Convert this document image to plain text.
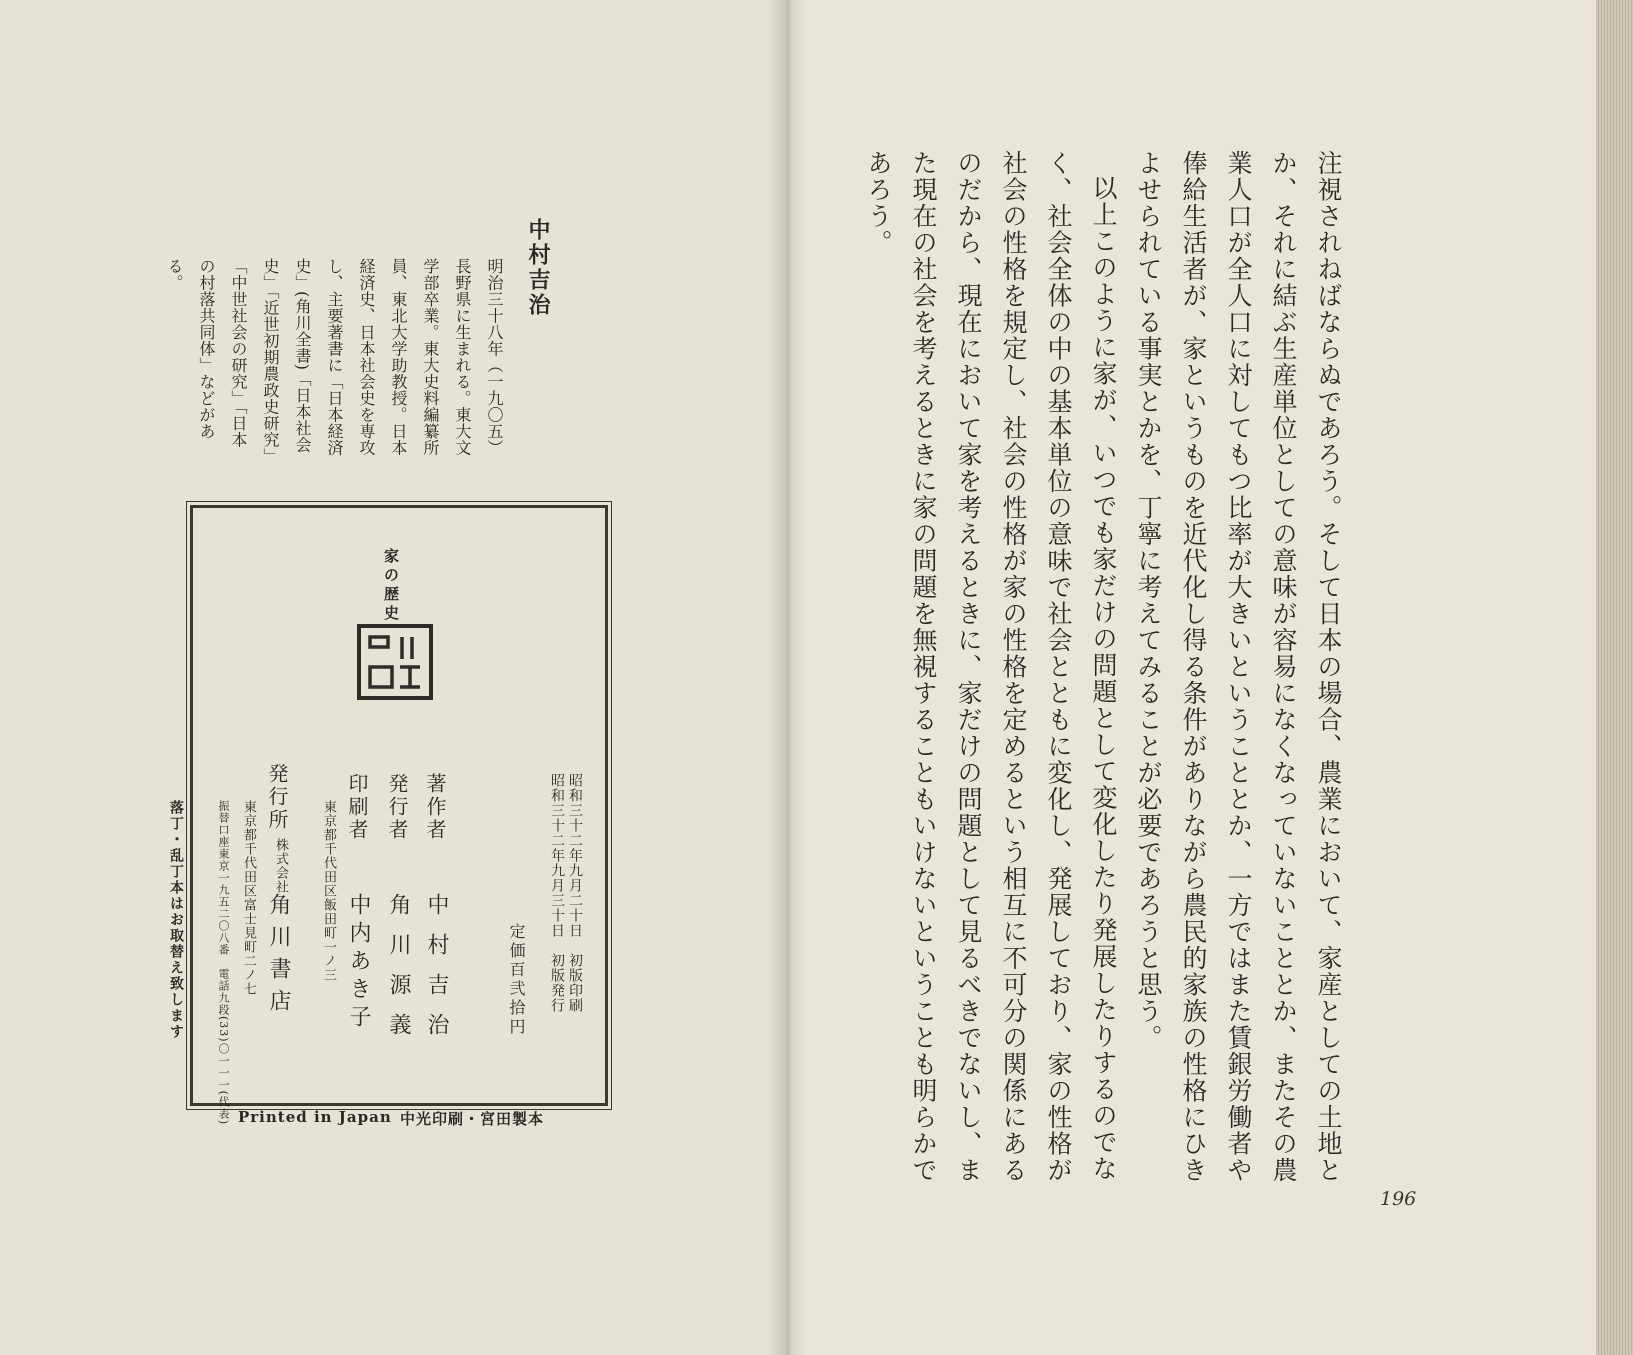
中村吉治
明治三十八年（一九〇五）長野県に生まれる。東大文学部卒業。東大史料編纂所員、東北大学助教授。日本経済史、日本社会史を専攻し、主要著書に「日本経済史」(角川全書)「日本社会史」「近世初期農政史研究」「中世社会の研究」「日本の村落共同体」などがある。
家の歴史
昭和三十二年九月二十日　初版印刷
昭和三十二年九月三十日　初版発行
定価百弐拾円
著作者
中村吉治
発行者
角川源義
印刷者
中内あき子
東京都千代田区飯田町一ノ三
発行所
株式会社
角川書店
東京都千代田区富士見町二ノ七
振替口座東京一九五二〇八番　電話九段(33)〇一一一(代表) Printed in Japan 中光印刷・宮田製本
落丁・乱丁本はお取替え致します	注視されねばならぬであろう。そして日本の場合、農業において、家産としての土地とか、それに結ぶ生産単位としての意味が容易になくなっていないこととか、またその農業人口が全人口に対してもつ比率が大きいということとか、一方ではまた賃銀労働者や俸給生活者が、家というものを近代化し得る条件がありながら農民的家族の性格にひきよせられている事実とかを、丁寧に考えてみることが必要であろうと思う。

以上このように家が、いつでも家だけの問題として変化したり発展したりするのでなく、社会全体の中の基本単位の意味で社会とともに変化し、発展しており、家の性格が社会の性格を規定し、社会の性格が家の性格を定めるという相互に不可分の関係にあるのだから、現在において家を考えるときに、家だけの問題として見るべきでないし、また現在の社会を考えるときに家の問題を無視することもいけないということも明らかであろう。

196
